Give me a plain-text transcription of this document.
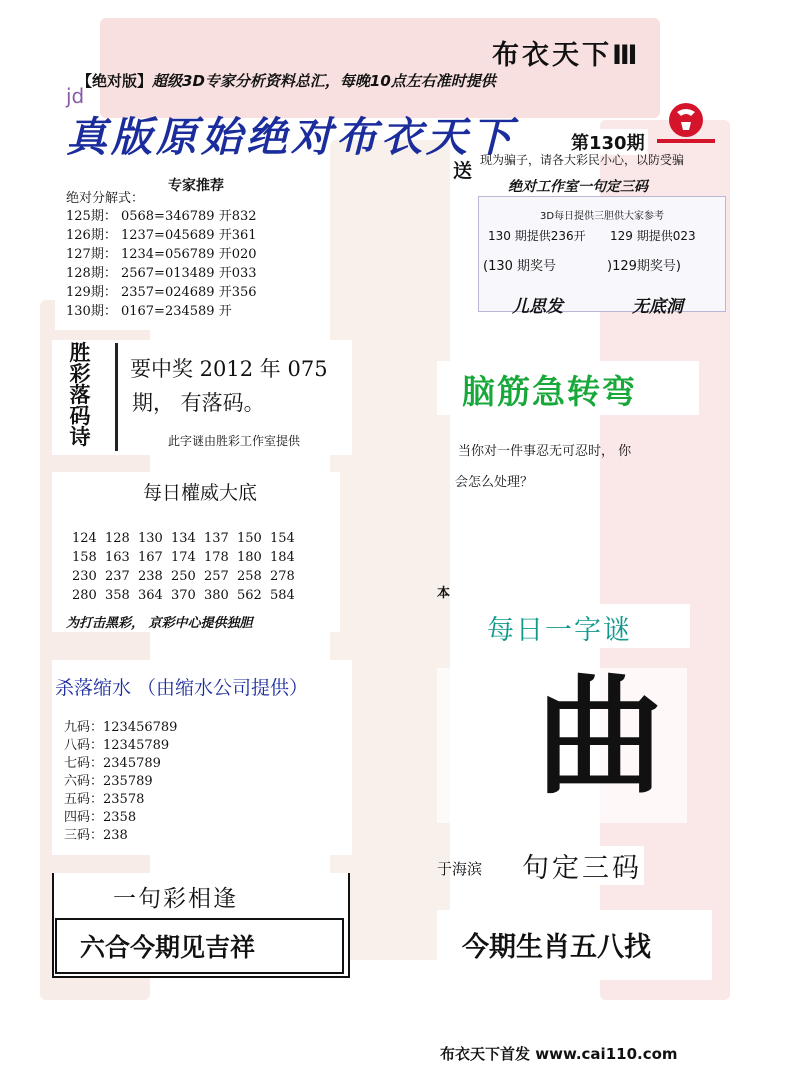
布衣天下Ⅲ
【绝对版】超级3D专家分析资料总汇，每晚10点左右准时提供
jd
真版原始绝对布衣天下	第130期
送 现为骗子，请各大彩民小心，以防受骗
绝对工作室一句定三码
3D每日提供三胆供大家参考
130 期提供236开 129 期提供023
(130 期奖号	)129期奖号)
儿思发	无底洞
专家推荐
绝对分解式：
125期： 0568=346789 开832
126期： 1237=045689 开361
127期： 1234=056789 开020
128期： 2567=013489 开033
129期： 2357=024689 开356
130期： 0167=234589 开
胜
彩
落
码
诗
要中奖 2012 年 075
期， 有落码。
此字谜由胜彩工作室提供
脑筋急转弯
当你对一件事忍无可忍时， 你
会怎么处理？
每日權威大底
124 128 130 134 137 150 154
158 163 167 174 178 180 184
230 237 238 250 257 258 278
280 358 364 370 380 562 584
为打击黑彩， 京彩中心提供独胆
本
每日一字谜
曲
杀落缩水 （由缩水公司提供）
九码：123456789
八码：12345789
七码：2345789
六码：235789
五码：23578
四码：2358
三码：238
于海滨 句定三码
今期生肖五八找
一句彩相逢
六合今期见吉祥
布衣天下首发 www.cai110.com
